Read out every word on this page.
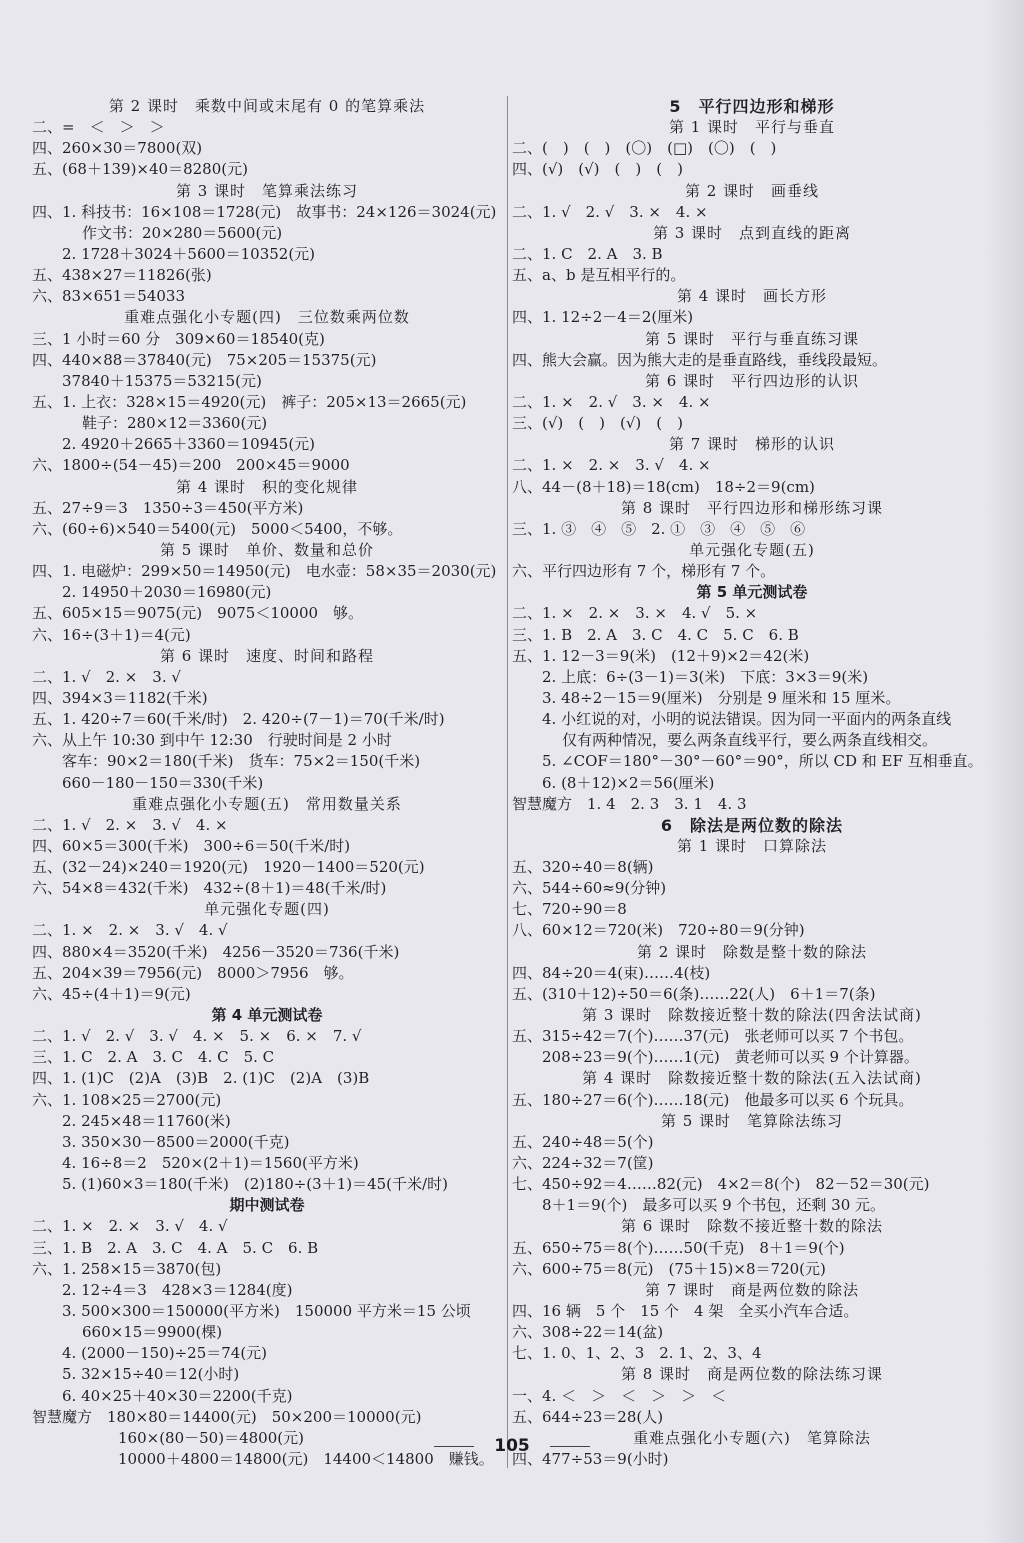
第 2 课时　乘数中间或末尾有 0 的笔算乘法
二、=　＜　＞　＞
四、260×30＝7800(双)
五、(68＋139)×40＝8280(元)
第 3 课时　笔算乘法练习
四、1. 科技书：16×108＝1728(元)　故事书：24×126＝3024(元)
作文书：20×280＝5600(元)
2. 1728＋3024＋5600＝10352(元)
五、438×27＝11826(张)
六、83×651＝54033
重难点强化小专题(四)　三位数乘两位数
三、1 小时＝60 分　309×60＝18540(克)
四、440×88＝37840(元)　75×205＝15375(元)
37840＋15375＝53215(元)
五、1. 上衣：328×15＝4920(元)　裤子：205×13＝2665(元)
鞋子：280×12＝3360(元)
2. 4920＋2665＋3360＝10945(元)
六、1800÷(54－45)＝200　200×45＝9000
第 4 课时　积的变化规律
五、27÷9＝3　1350÷3＝450(平方米)
六、(60÷6)×540＝5400(元)　5000＜5400，不够。
第 5 课时　单价、数量和总价
四、1. 电磁炉：299×50＝14950(元)　电水壶：58×35＝2030(元)
2. 14950＋2030＝16980(元)
五、605×15＝9075(元)　9075＜10000　够。
六、16÷(3＋1)＝4(元)
第 6 课时　速度、时间和路程
二、1. √　2. ×　3. √
四、394×3＝1182(千米)
五、1. 420÷7＝60(千米/时)　2. 420÷(7－1)＝70(千米/时)
六、从上午 10:30 到中午 12:30　行驶时间是 2 小时
客车：90×2＝180(千米)　货车：75×2＝150(千米)
660－180－150＝330(千米)
重难点强化小专题(五)　常用数量关系
二、1. √　2. ×　3. √　4. ×
四、60×5＝300(千米)　300÷6＝50(千米/时)
五、(32－24)×240＝1920(元)　1920－1400＝520(元)
六、54×8＝432(千米)　432÷(8＋1)＝48(千米/时)
单元强化专题(四)
二、1. ×　2. ×　3. √　4. √
四、880×4＝3520(千米)　4256－3520＝736(千米)
五、204×39＝7956(元)　8000＞7956　够。
六、45÷(4＋1)＝9(元)
第 4 单元测试卷
二、1. √　2. √　3. √　4. ×　5. ×　6. ×　7. √
三、1. C　2. A　3. C　4. C　5. C
四、1. (1)C　(2)A　(3)B　2. (1)C　(2)A　(3)B
六、1. 108×25＝2700(元)
2. 245×48＝11760(米)
3. 350×30－8500＝2000(千克)
4. 16÷8＝2　520×(2＋1)＝1560(平方米)
5. (1)60×3＝180(千米)　(2)180÷(3＋1)＝45(千米/时)
期中测试卷
二、1. ×　2. ×　3. √　4. √
三、1. B　2. A　3. C　4. A　5. C　6. B
六、1. 258×15＝3870(包)
2. 12÷4＝3　428×3＝1284(度)
3. 500×300＝150000(平方米)　150000 平方米＝15 公顷
660×15＝9900(棵)
4. (2000－150)÷25＝74(元)
5. 32×15÷40＝12(小时)
6. 40×25＋40×30＝2200(千克)
智慧魔方　180×80＝14400(元)　50×200＝10000(元)
160×(80－50)＝4800(元)
10000＋4800＝14800(元)　14400＜14800　赚钱。
5　平行四边形和梯形
第 1 课时　平行与垂直
二、(　)　(　)　(〇)　(□)　(〇)　(　)
四、(√)　(√)　(　)　(　)
第 2 课时　画垂线
二、1. √　2. √　3. ×　4. ×
第 3 课时　点到直线的距离
二、1. C　2. A　3. B
五、a、b 是互相平行的。
第 4 课时　画长方形
四、1. 12÷2－4＝2(厘米)
第 5 课时　平行与垂直练习课
四、熊大会赢。因为熊大走的是垂直路线，垂线段最短。
第 6 课时　平行四边形的认识
二、1. ×　2. √　3. ×　4. ×
三、(√)　(　)　(√)　(　)
第 7 课时　梯形的认识
二、1. ×　2. ×　3. √　4. ×
八、44－(8＋18)＝18(cm)　18÷2＝9(cm)
第 8 课时　平行四边形和梯形练习课
三、1. ③　④　⑤　2. ①　③　④　⑤　⑥
单元强化专题(五)
六、平行四边形有 7 个，梯形有 7 个。
第 5 单元测试卷
二、1. ×　2. ×　3. ×　4. √　5. ×
三、1. B　2. A　3. C　4. C　5. C　6. B
五、1. 12－3＝9(米)　(12＋9)×2＝42(米)
2. 上底：6÷(3－1)＝3(米)　下底：3×3＝9(米)
3. 48÷2－15＝9(厘米)　分别是 9 厘米和 15 厘米。
4. 小红说的对，小明的说法错误。因为同一平面内的两条直线
仅有两种情况，要么两条直线平行，要么两条直线相交。
5. ∠COF＝180°－30°－60°＝90°，所以 CD 和 EF 互相垂直。
6. (8＋12)×2＝56(厘米)
智慧魔方　1. 4　2. 3　3. 1　4. 3
6　除法是两位数的除法
第 1 课时　口算除法
五、320÷40＝8(辆)
六、544÷60≈9(分钟)
七、720÷90＝8
八、60×12＝720(米)　720÷80＝9(分钟)
第 2 课时　除数是整十数的除法
四、84÷20＝4(束)……4(枝)
五、(310＋12)÷50＝6(条)……22(人)　6＋1＝7(条)
第 3 课时　除数接近整十数的除法(四舍法试商)
五、315÷42＝7(个)……37(元)　张老师可以买 7 个书包。
208÷23＝9(个)……1(元)　黄老师可以买 9 个计算器。
第 4 课时　除数接近整十数的除法(五入法试商)
五、180÷27＝6(个)……18(元)　他最多可以买 6 个玩具。
第 5 课时　笔算除法练习
五、240÷48＝5(个)
六、224÷32＝7(筐)
七、450÷92＝4……82(元)　4×2＝8(个)　82－52＝30(元)
8＋1＝9(个)　最多可以买 9 个书包，还剩 30 元。
第 6 课时　除数不接近整十数的除法
五、650÷75＝8(个)……50(千克)　8＋1＝9(个)
六、600÷75＝8(元)　(75＋15)×8＝720(元)
第 7 课时　商是两位数的除法
四、16 辆　5 个　15 个　4 架　全买小汽车合适。
六、308÷22＝14(盆)
七、1. 0、1、2、3　2. 1、2、3、4
第 8 课时　商是两位数的除法练习课
一、4. ＜　＞　＜　＞　＞　＜
五、644÷23＝28(人)
重难点强化小专题(六)　笔算除法
四、477÷53＝9(小时)
105
